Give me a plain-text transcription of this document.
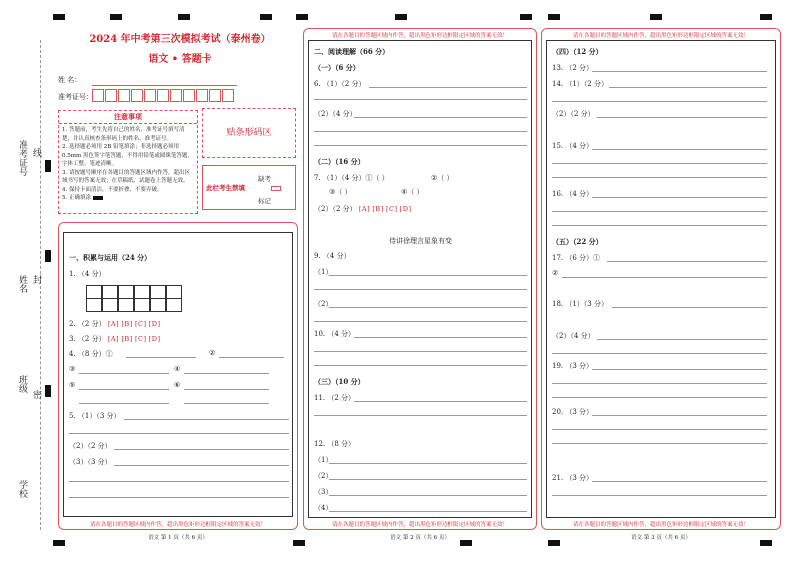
准考证号 线
姓名 封
班级
密
学校
2024 年中考第三次模拟考试（泰州卷）
语文 • 答题卡
姓 名：
准考证号：
注意事项
1. 答题前，考生先将自己的姓名、准考证号填写清楚，并认真核查条形码上的姓名、准考证号。
2. 选择题必须用 2B 铅笔填涂；非选择题必须用 0.5mm 黑色签字笔答题，不得用铅笔或圆珠笔答题，字体工整、笔迹清晰。
3. 请按题号顺序在各题目的答题区域内作答，超出区域书写的答案无效；在草稿纸、试题卷上答题无效。
4. 保持卡面清洁，不要折叠、不要弄破。
5. 正确填涂
贴条形码区
此栏考生禁填
缺考
标记
一、积累与运用（24 分）
1. （4 分）
2. （2 分） [A] [B] [C] [D]
3. （2 分） [A] [B] [C] [D]
4. （8 分）①	②
③	④
⑤	⑥
5. （1）（3 分）
（2）（2 分）
（3）（3 分）
请在各题目的答题区域内作答，超出黑色矩形边框限定区域的答案无效！
语文 第 1 页（共 6 页）
请在各题目的答题区域内作答，超出黑色矩形边框限定区域的答案无效！
二、阅读理解（66 分）
（一）（6 分）
6. （1）（2 分）
（2）（4 分）
（二）（16 分）
7. （1）（4 分）①（ ）	②（ ）
③（ ）	④（ ）
（2）（2 分） [A] [B] [C] [D]
侍讲徐理言星象有变
9. （4 分）
（1）
（2）
10. （4 分）
（三）（10 分）
11. （2 分）
12. （8 分）
（1）
（2）
（3）
（4）
请在各题目的答题区域内作答，超出黑色矩形边框限定区域的答案无效！
语文 第 2 页（共 6 页）
请在各题目的答题区域内作答，超出黑色矩形边框限定区域的答案无效！
（四）（12 分）
13. （2 分）
14. （1）（2 分）
（2）（2 分）
15. （4 分）
16. （4 分）
（五）（22 分）
17. （6 分）①
②
18. （1）（3 分）
（2）（4 分）
19. （3 分）
20. （3 分）
21. （3 分）
请在各题目的答题区域内作答，超出黑色矩形边框限定区域的答案无效！
语文 第 3 页（共 6 页）
